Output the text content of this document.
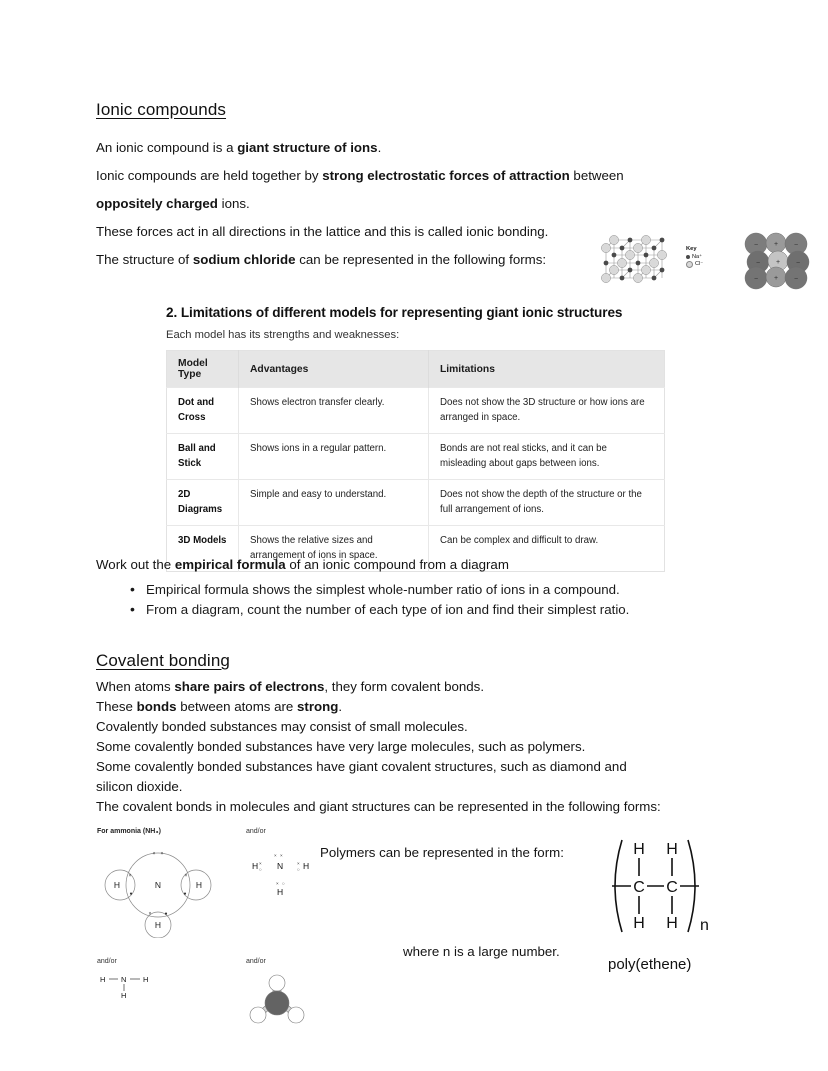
Ionic compounds
An ionic compound is a giant structure of ions.
Ionic compounds are held together by strong electrostatic forces of attraction between
oppositely charged ions.
These forces act in all directions in the lattice and this is called ionic bonding.
The structure of sodium chloride can be represented in the following forms:
Key
Na⁺
Cl⁻
− + −
− + −
− + −
2. Limitations of different models for representing giant ionic structures
Each model has its strengths and weaknesses:
Model Type	Advantages	Limitations
Dot and Cross	Shows electron transfer clearly.	Does not show the 3D structure or how ions are arranged in space.
Ball and Stick	Shows ions in a regular pattern.	Bonds are not real sticks, and it can be misleading about gaps between ions.
2D Diagrams	Simple and easy to understand.	Does not show the depth of the structure or the full arrangement of ions.
3D Models	Shows the relative sizes and arrangement of ions in space.	Can be complex and difficult to draw.
Work out the empirical formula of an ionic compound from a diagram
• Empirical formula shows the simplest whole-number ratio of ions in a compound.
• From a diagram, count the number of each type of ion and find their simplest ratio.
Covalent bonding
When atoms share pairs of electrons, they form covalent bonds.
These bonds between atoms are strong.
Covalently bonded substances may consist of small molecules.
Some covalently bonded substances have very large molecules, such as polymers.
Some covalently bonded substances have giant covalent structures, such as diamond and
silicon dioxide.
The covalent bonds in molecules and giant structures can be represented in the following forms:
For ammonia (NH₃)
N
H	H
H
× ×
×
●
×
●
×	●
and/or
H N H
H
× ×
×
○
×
○
× ○
and/or
H N H
H
and/or
Polymers can be represented in the form:
where n is a large number.
H H
C C
H H n
poly(ethene)
